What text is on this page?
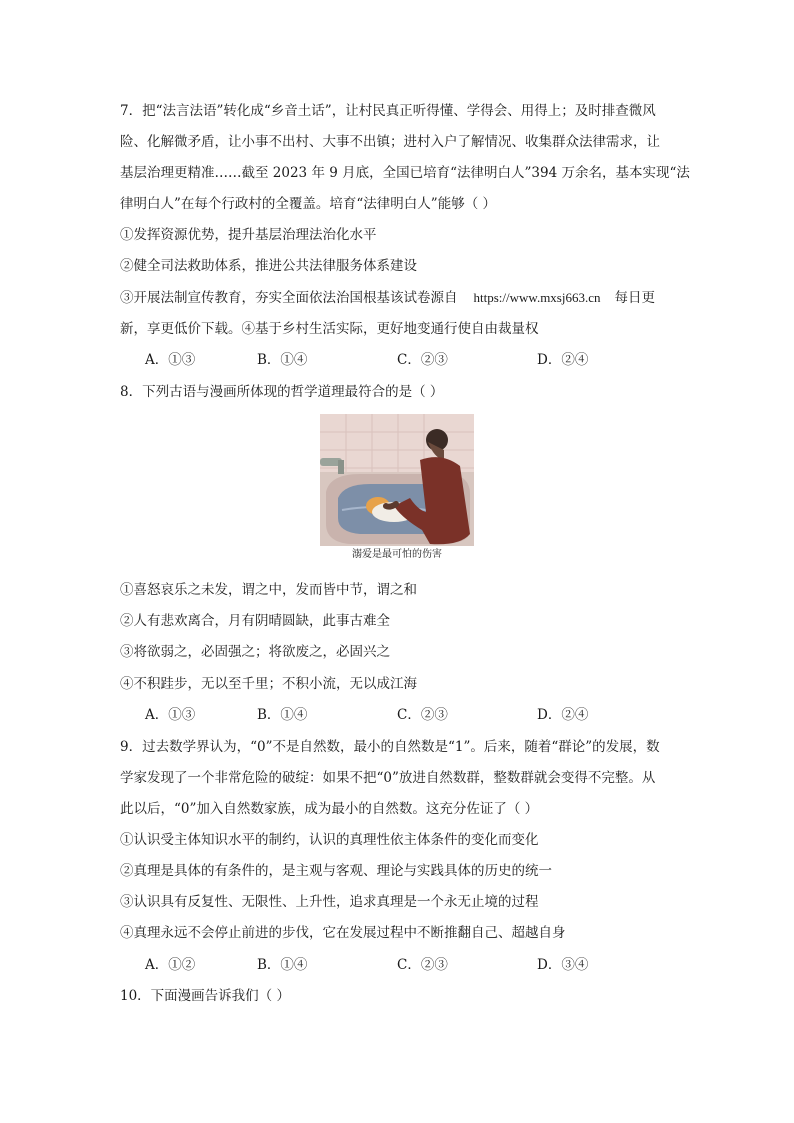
7．把“法言法语”转化成“乡音土话”，让村民真正听得懂、学得会、用得上；及时排查微风
险、化解微矛盾，让小事不出村、大事不出镇；进村入户了解情况、收集群众法律需求，让
基层治理更精准……截至 2023 年 9 月底，全国已培育“法律明白人”394 万余名，基本实现“法
律明白人”在每个行政村的全覆盖。培育“法律明白人”能够（ ）
①发挥资源优势，提升基层治理法治化水平
②健全司法救助体系，推进公共法律服务体系建设
③开展法制宣传教育，夯实全面依法治国根基该试卷源自 https://www.mxsj663.cn 每日更
新，享更低价下载。④基于乡村生活实际，更好地变通行使自由裁量权
A．①③	B．①④	C．②③	D．②④
8．下列古语与漫画所体现的哲学道理最符合的是（ ）
溺爱是最可怕的伤害
①喜怒哀乐之未发，谓之中，发而皆中节，谓之和
②人有悲欢离合，月有阴晴圆缺，此事古难全
③将欲弱之，必固强之；将欲废之，必固兴之
④不积跬步，无以至千里；不积小流，无以成江海
A．①③	B．①④	C．②③	D．②④
9．过去数学界认为，“0”不是自然数，最小的自然数是“1”。后来，随着“群论”的发展，数
学家发现了一个非常危险的破绽：如果不把“0”放进自然数群，整数群就会变得不完整。从
此以后，“0”加入自然数家族，成为最小的自然数。这充分佐证了（ ）
①认识受主体知识水平的制约，认识的真理性依主体条件的变化而变化
②真理是具体的有条件的，是主观与客观、理论与实践具体的历史的统一
③认识具有反复性、无限性、上升性，追求真理是一个永无止境的过程
④真理永远不会停止前进的步伐，它在发展过程中不断推翻自己、超越自身
A．①②	B．①④	C．②③	D．③④
10．下面漫画告诉我们（ ）
